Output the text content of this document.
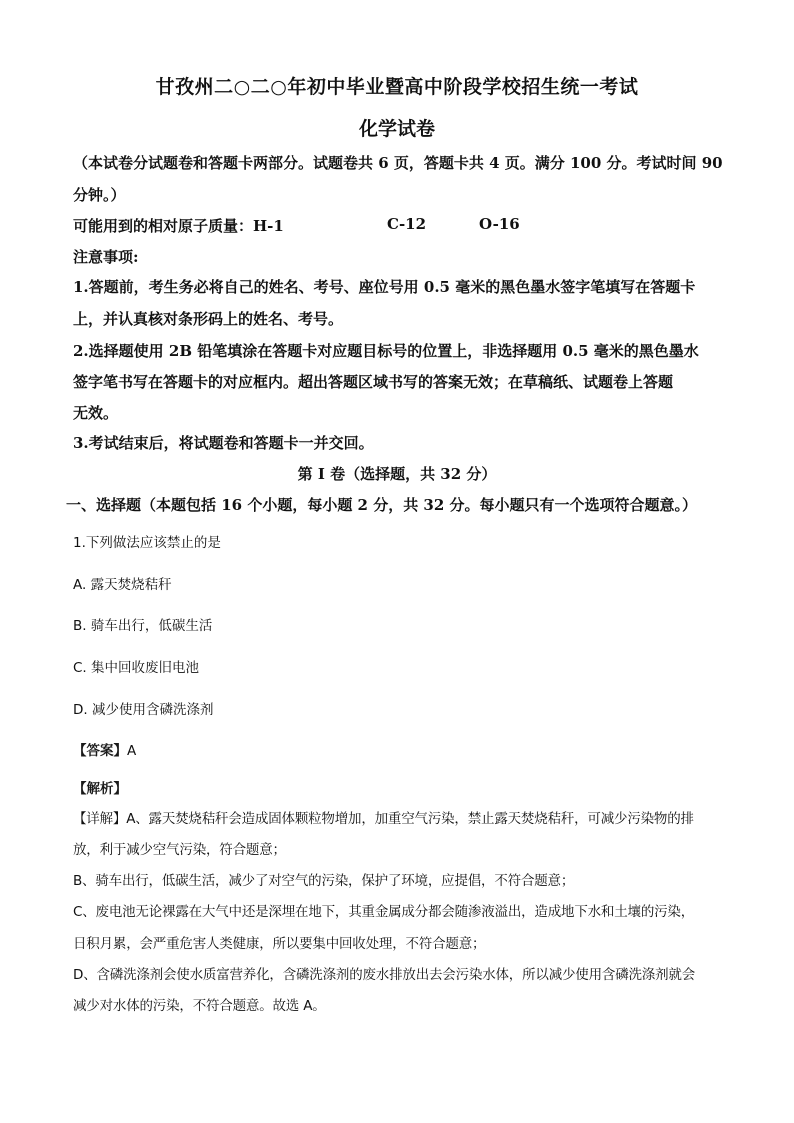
甘孜州二○二○年初中毕业暨高中阶段学校招生统一考试
化学试卷
（本试卷分试题卷和答题卡两部分。试题卷共 6 页，答题卡共 4 页。满分 100 分。考试时间 90
分钟。）
可能用到的相对原子质量：H-1	C-12	O-16
注意事项:
1.答题前，考生务必将自己的姓名、考号、座位号用 0.5 毫米的黑色墨水签字笔填写在答题卡
上，并认真核对条形码上的姓名、考号。
2.选择题使用 2B 铅笔填涂在答题卡对应题目标号的位置上，非选择题用 0.5 毫米的黑色墨水
签字笔书写在答题卡的对应框内。超出答题区域书写的答案无效；在草稿纸、试题卷上答题
无效。
3.考试结束后，将试题卷和答题卡一并交回。
第 I 卷（选择题，共 32 分）
一、选择题（本题包括 16 个小题，每小题 2 分，共 32 分。每小题只有一个选项符合题意。）
1.下列做法应该禁止的是
A. 露天焚烧秸秆
B. 骑车出行，低碳生活
C. 集中回收废旧电池
D. 减少使用含磷洗涤剂
【答案】A
【解析】
【详解】A、露天焚烧秸秆会造成固体颗粒物增加，加重空气污染，禁止露天焚烧秸秆，可减少污染物的排
放，利于减少空气污染，符合题意；
B、骑车出行，低碳生活，减少了对空气的污染，保护了环境，应提倡，不符合题意；
C、废电池无论裸露在大气中还是深埋在地下，其重金属成分都会随渗液溢出，造成地下水和土壤的污染，
日积月累，会严重危害人类健康，所以要集中回收处理，不符合题意；
D、含磷洗涤剂会使水质富营养化，含磷洗涤剂的废水排放出去会污染水体，所以减少使用含磷洗涤剂就会
减少对水体的污染，不符合题意。故选 A。
